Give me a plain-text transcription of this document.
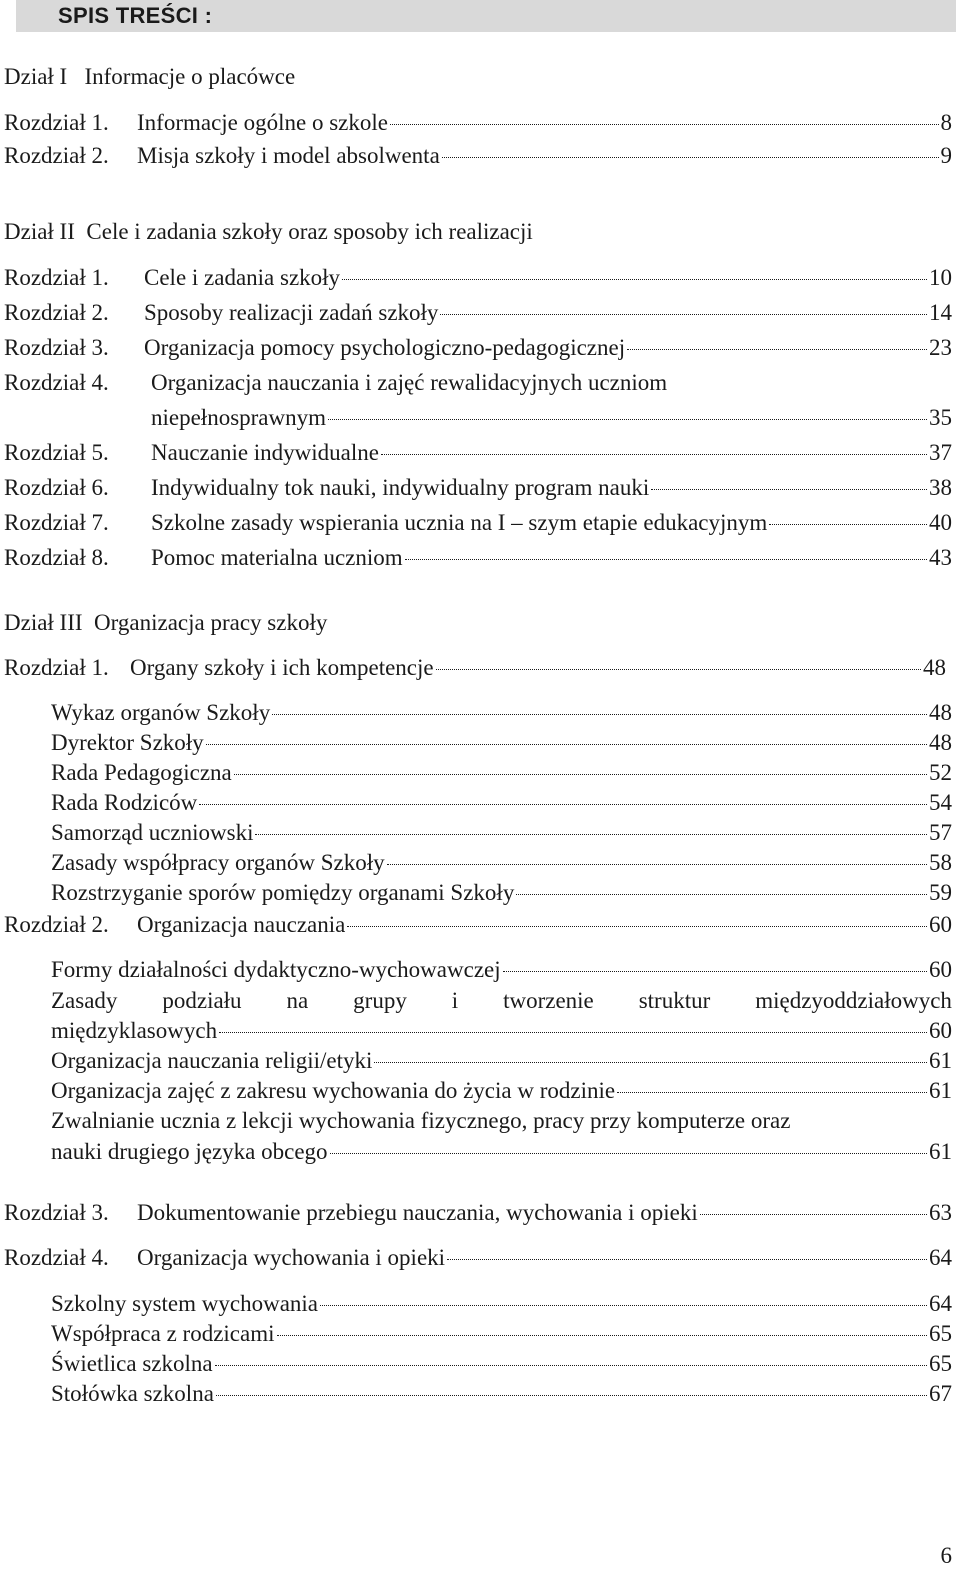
SPIS TREŚCI :
Dział I Informacje o placówce
Rozdział 1.	Informacje ogólne o szkole	8
Rozdział 2.	Misja szkoły i model absolwenta	9
Dział II Cele i zadania szkoły oraz sposoby ich realizacji
Rozdział 1.	Cele i zadania szkoły	10
Rozdział 2.	Sposoby realizacji zadań szkoły	14
Rozdział 3.	Organizacja pomocy psychologiczno-pedagogicznej	23
Rozdział 4. Organizacja nauczania i zajęć rewalidacyjnych uczniom
niepełnosprawnym	35
Rozdział 5.	Nauczanie indywidualne	37
Rozdział 6.	Indywidualny tok nauki, indywidualny program nauki	38
Rozdział 7.	Szkolne zasady wspierania ucznia na I – szym etapie edukacyjnym	40
Rozdział 8.	Pomoc materialna uczniom	43
Dział III Organizacja pracy szkoły
Rozdział 1. Organy szkoły i ich kompetencje	48
Wykaz organów Szkoły	48
Dyrektor Szkoły	48
Rada Pedagogiczna	52
Rada Rodziców	54
Samorząd uczniowski	57
Zasady współpracy organów Szkoły	58
Rozstrzyganie sporów pomiędzy organami Szkoły	59
Rozdział 2.	Organizacja nauczania	60
Formy działalności dydaktyczno-wychowawczej	60
Zasady podziału na grupy i tworzenie struktur międzyoddziałowych
międzyklasowych	60
Organizacja nauczania religii/etyki	61
Organizacja zajęć z zakresu wychowania do życia w rodzinie	61
Zwalnianie ucznia z lekcji wychowania fizycznego, pracy przy komputerze oraz
nauki drugiego języka obcego	61
Rozdział 3.	Dokumentowanie przebiegu nauczania, wychowania i opieki	63
Rozdział 4.	Organizacja wychowania i opieki	64
Szkolny system wychowania	64
Współpraca z rodzicami	65
Świetlica szkolna	65
Stołówka szkolna	67
6
